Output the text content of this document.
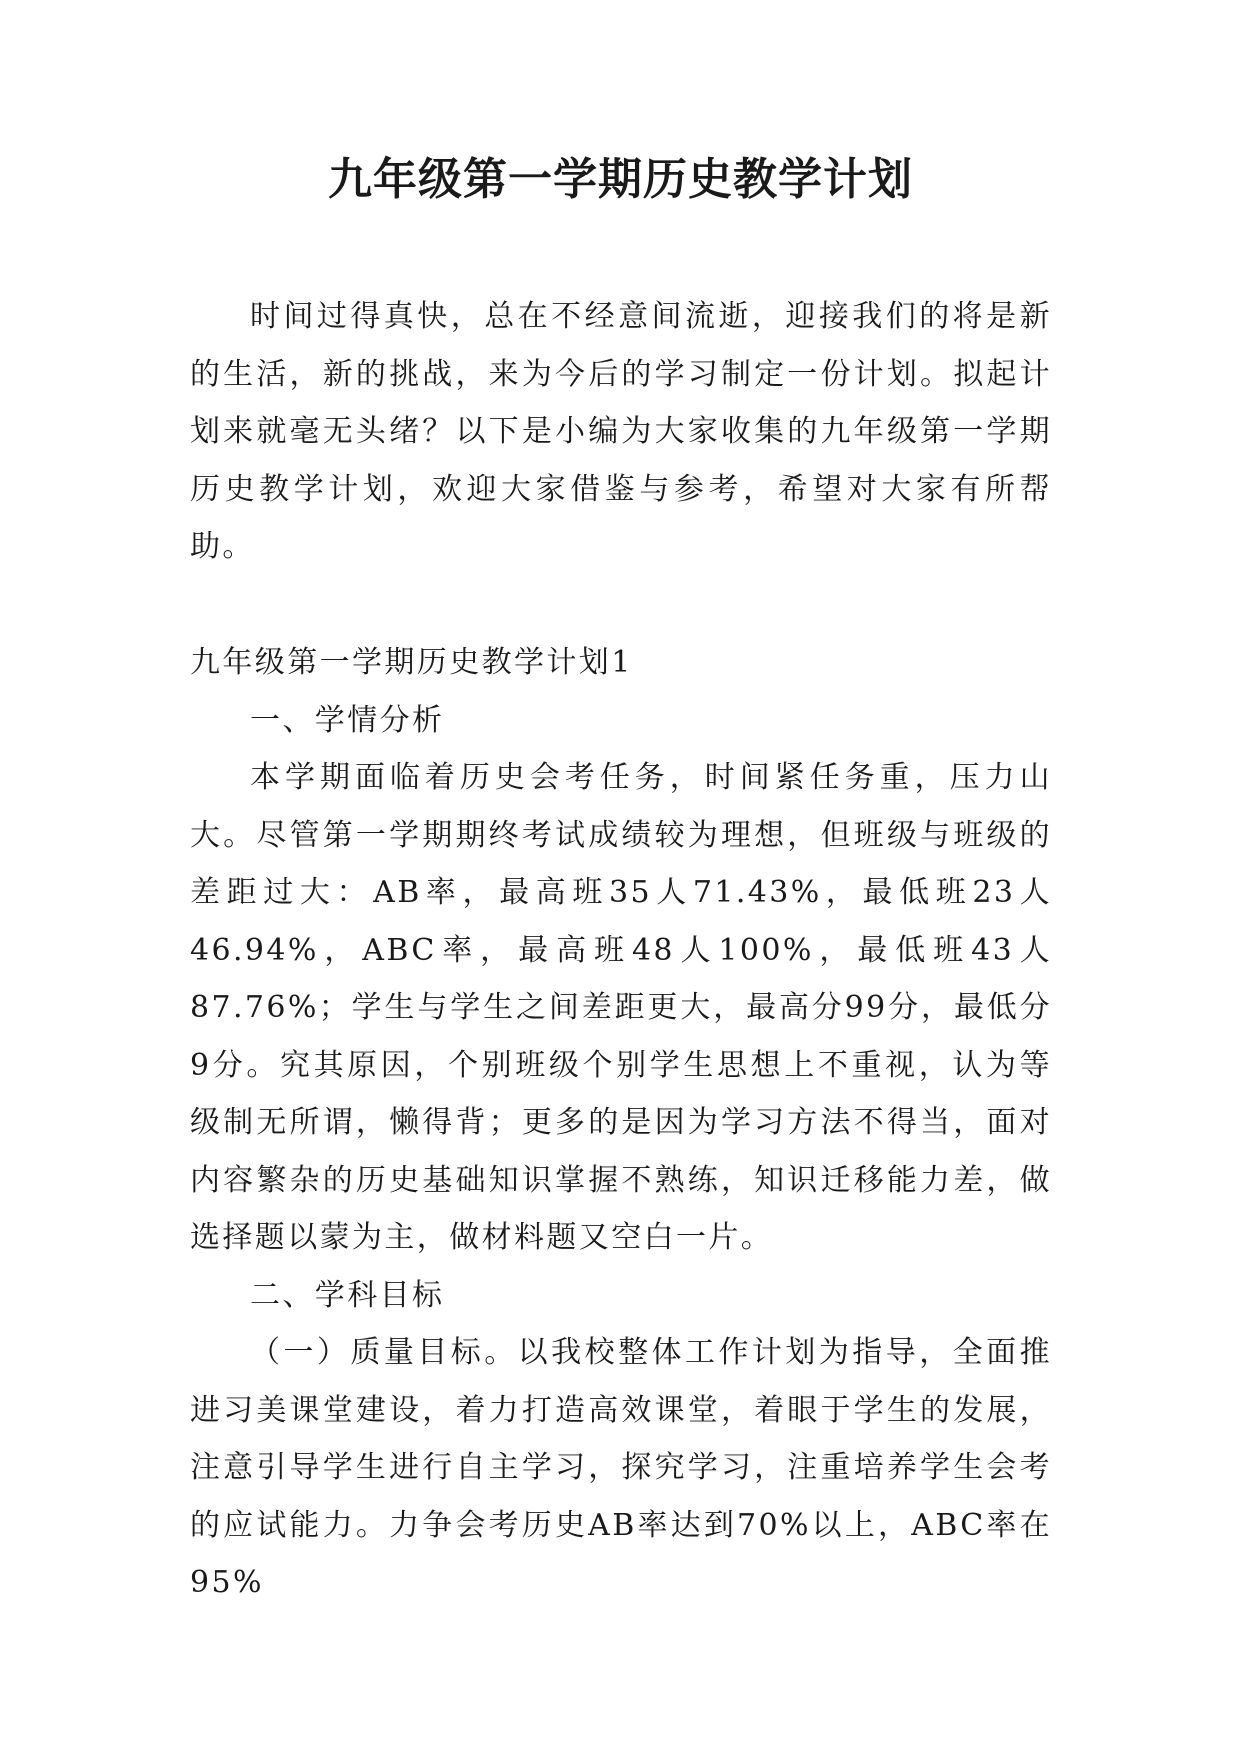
九年级第一学期历史教学计划

时间过得真快，总在不经意间流逝，迎接我们的将是新的生活，新的挑战，来为今后的学习制定一份计划。拟起计划来就毫无头绪？以下是小编为大家收集的九年级第一学期历史教学计划，欢迎大家借鉴与参考，希望对大家有所帮助。

九年级第一学期历史教学计划1

一、学情分析

本学期面临着历史会考任务，时间紧任务重，压力山大。尽管第一学期期终考试成绩较为理想，但班级与班级的差距过大：AB率，最高班35人71.43%，最低班23人46.94%，ABC率，最高班48人100%，最低班43人87.76%；学生与学生之间差距更大，最高分99分，最低分9分。究其原因，个别班级个别学生思想上不重视，认为等级制无所谓，懒得背；更多的是因为学习方法不得当，面对内容繁杂的历史基础知识掌握不熟练，知识迁移能力差，做选择题以蒙为主，做材料题又空白一片。

二、学科目标

（一）质量目标。以我校整体工作计划为指导，全面推进习美课堂建设，着力打造高效课堂，着眼于学生的发展，注意引导学生进行自主学习，探究学习，注重培养学生会考的应试能力。力争会考历史AB率达到70%以上，ABC率在95%
